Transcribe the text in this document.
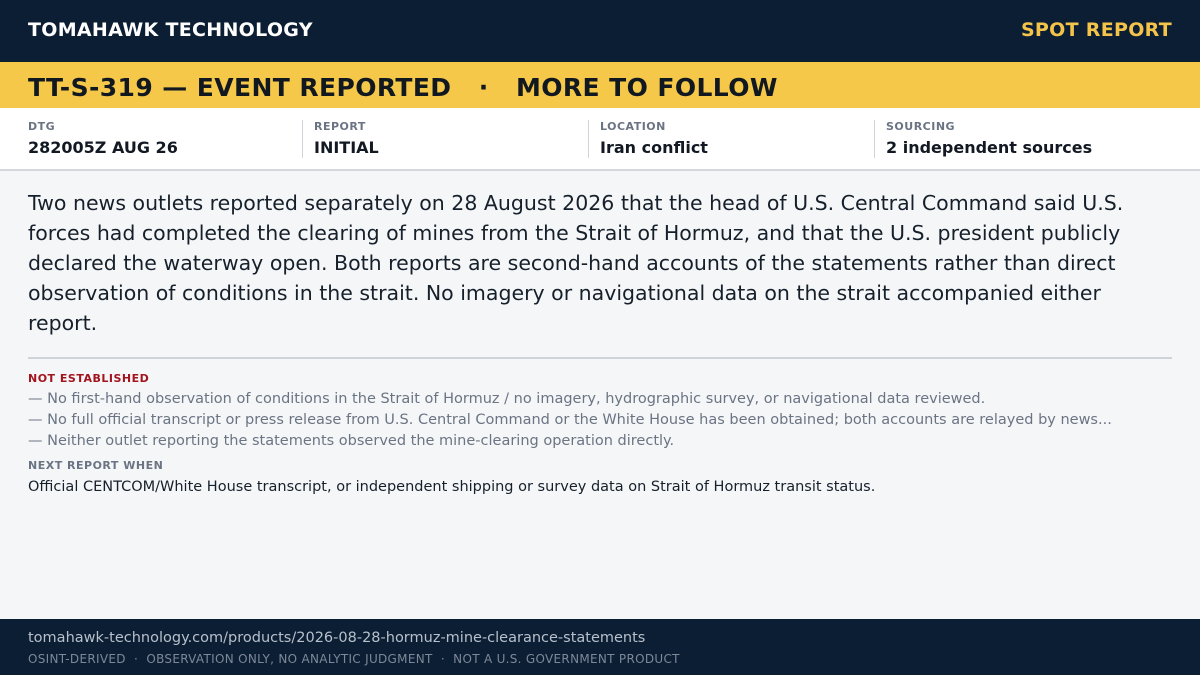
TOMAHAWK TECHNOLOGY	SPOT REPORT
TT-S-319 — EVENT REPORTED   ·   MORE TO FOLLOW
DTG
282005Z AUG 26
REPORT
INITIAL
LOCATION
Iran conflict
SOURCING
2 independent sources
Two news outlets reported separately on 28 August 2026 that the head of U.S. Central Command said U.S. forces had completed the clearing of mines from the Strait of Hormuz, and that the U.S. president publicly declared the waterway open. Both reports are second-hand accounts of the statements rather than direct observation of conditions in the strait. No imagery or navigational data on the strait accompanied either report.
NOT ESTABLISHED
— No first-hand observation of conditions in the Strait of Hormuz / no imagery, hydrographic survey, or navigational data reviewed.
— No full official transcript or press release from U.S. Central Command or the White House has been obtained; both accounts are relayed by news...
— Neither outlet reporting the statements observed the mine-clearing operation directly.
NEXT REPORT WHEN
Official CENTCOM/White House transcript, or independent shipping or survey data on Strait of Hormuz transit status.
tomahawk-technology.com/products/2026-08-28-hormuz-mine-clearance-statements
OSINT-DERIVED  ·  OBSERVATION ONLY, NO ANALYTIC JUDGMENT  ·  NOT A U.S. GOVERNMENT PRODUCT
